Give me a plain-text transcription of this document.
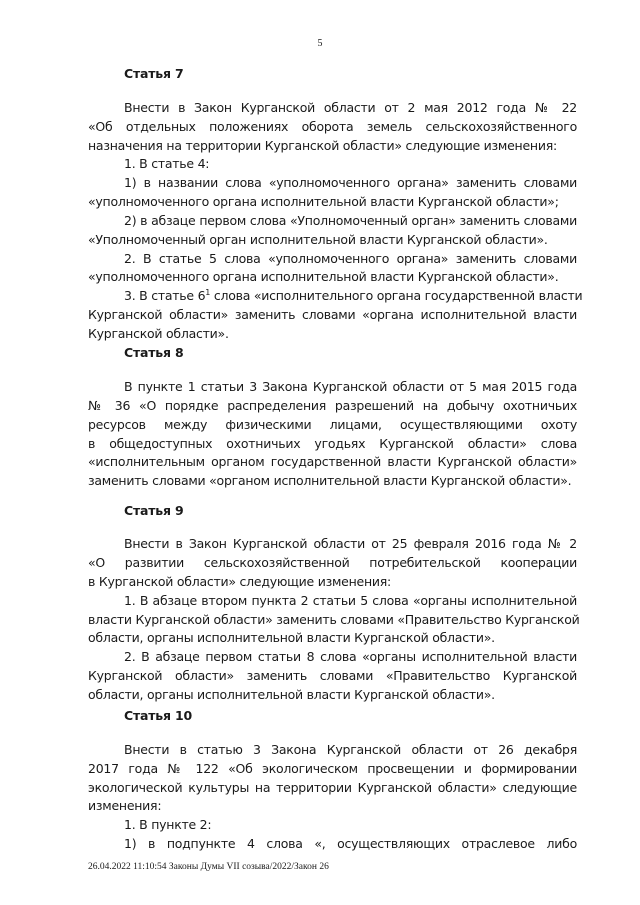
5
Статья 7
Внести в Закон Курганской области от 2 мая 2012 года № 22
«Об отдельных положениях оборота земель сельскохозяйственного
назначения на территории Курганской области» следующие изменения:
1. В статье 4:
1) в названии слова «уполномоченного органа» заменить словами
«уполномоченного органа исполнительной власти Курганской области»;
2) в абзаце первом слова «Уполномоченный орган» заменить словами
«Уполномоченный орган исполнительной власти Курганской области».
2. В статье 5 слова «уполномоченного органа» заменить словами
«уполномоченного органа исполнительной власти Курганской области».
3. В статье $6^1$ слова «исполнительного органа государственной власти
Курганской области» заменить словами «органа исполнительной власти
Курганской области».
Статья 8
В пункте 1 статьи 3 Закона Курганской области от 5 мая 2015 года
№ 36 «О порядке распределения разрешений на добычу охотничьих
ресурсов между физическими лицами, осуществляющими охоту
в общедоступных охотничьих угодьях Курганской области» слова
«исполнительным органом государственной власти Курганской области»
заменить словами «органом исполнительной власти Курганской области».
Статья 9
Внести в Закон Курганской области от 25 февраля 2016 года № 2
«О развитии сельскохозяйственной потребительской кооперации
в Курганской области» следующие изменения:
1. В абзаце втором пункта 2 статьи 5 слова «органы исполнительной
власти Курганской области» заменить словами «Правительство Курганской
области, органы исполнительной власти Курганской области».
2. В абзаце первом статьи 8 слова «органы исполнительной власти
Курганской области» заменить словами «Правительство Курганской
области, органы исполнительной власти Курганской области».
Статья 10
Внести в статью 3 Закона Курганской области от 26 декабря
2017 года № 122 «Об экологическом просвещении и формировании
экологической культуры на территории Курганской области» следующие
изменения:
1. В пункте 2:
1) в подпункте 4 слова «, осуществляющих отраслевое либо
26.04.2022 11:10:54 Законы Думы VII созыва/2022/Закон 26
